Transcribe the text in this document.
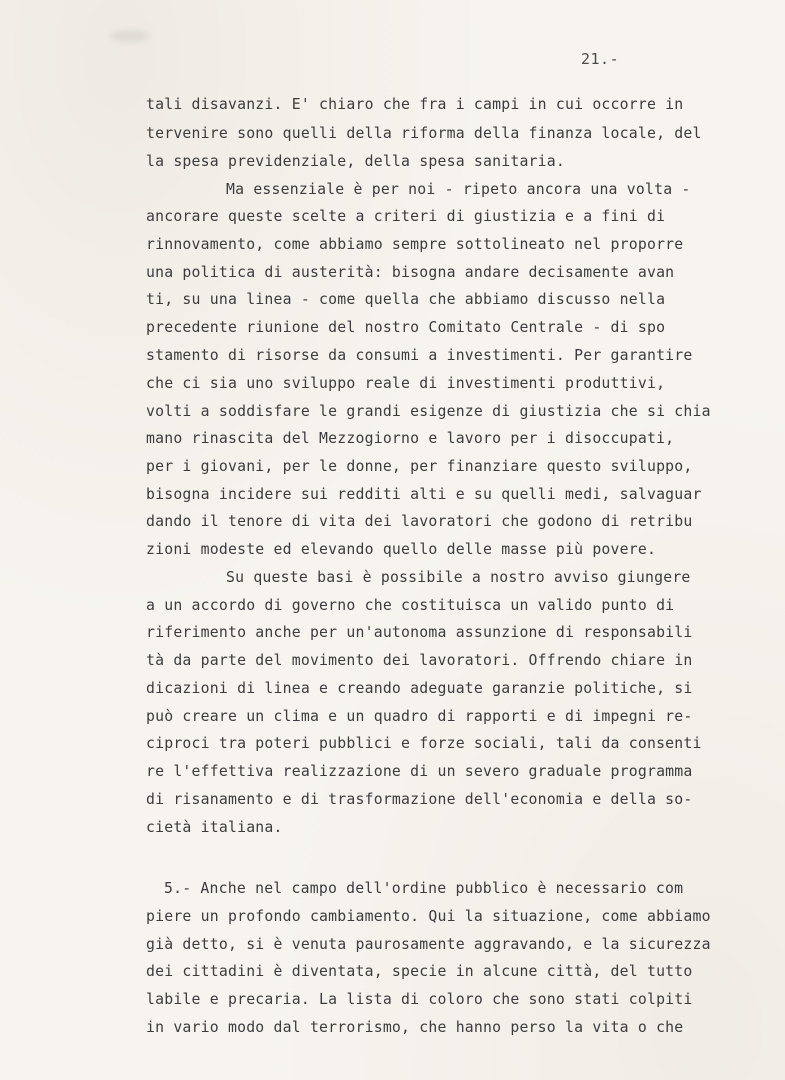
21.-
tali disavanzi. E' chiaro che fra i campi in cui occorre in
tervenire sono quelli della riforma della finanza locale, del
la spesa previdenziale, della spesa sanitaria.
Ma essenziale è per noi - ripeto ancora una volta -
ancorare queste scelte a criteri di giustizia e a fini di
rinnovamento, come abbiamo sempre sottolineato nel proporre
una politica di austerità: bisogna andare decisamente avan
ti, su una linea - come quella che abbiamo discusso nella
precedente riunione del nostro Comitato Centrale - di spo
stamento di risorse da consumi a investimenti. Per garantire
che ci sia uno sviluppo reale di investimenti produttivi,
volti a soddisfare le grandi esigenze di giustizia che si chia
mano rinascita del Mezzogiorno e lavoro per i disoccupati,
per i giovani, per le donne, per finanziare questo sviluppo,
bisogna incidere sui redditi alti e su quelli medi, salvaguar
dando il tenore di vita dei lavoratori che godono di retribu
zioni modeste ed elevando quello delle masse più povere.
Su queste basi è possibile a nostro avviso giungere
a un accordo di governo che costituisca un valido punto di
riferimento anche per un'autonoma assunzione di responsabili
tà da parte del movimento dei lavoratori. Offrendo chiare in
dicazioni di linea e creando adeguate garanzie politiche, si
può creare un clima e un quadro di rapporti e di impegni re-
ciproci tra poteri pubblici e forze sociali, tali da consenti
re l'effettiva realizzazione di un severo graduale programma
di risanamento e di trasformazione dell'economia e della so-
cietà italiana.
5.- Anche nel campo dell'ordine pubblico è necessario com
piere un profondo cambiamento. Qui la situazione, come abbiamo
già detto, si è venuta paurosamente aggravando, e la sicurezza
dei cittadini è diventata, specie in alcune città, del tutto
labile e precaria. La lista di coloro che sono stati colpiti
in vario modo dal terrorismo, che hanno perso la vita o che
